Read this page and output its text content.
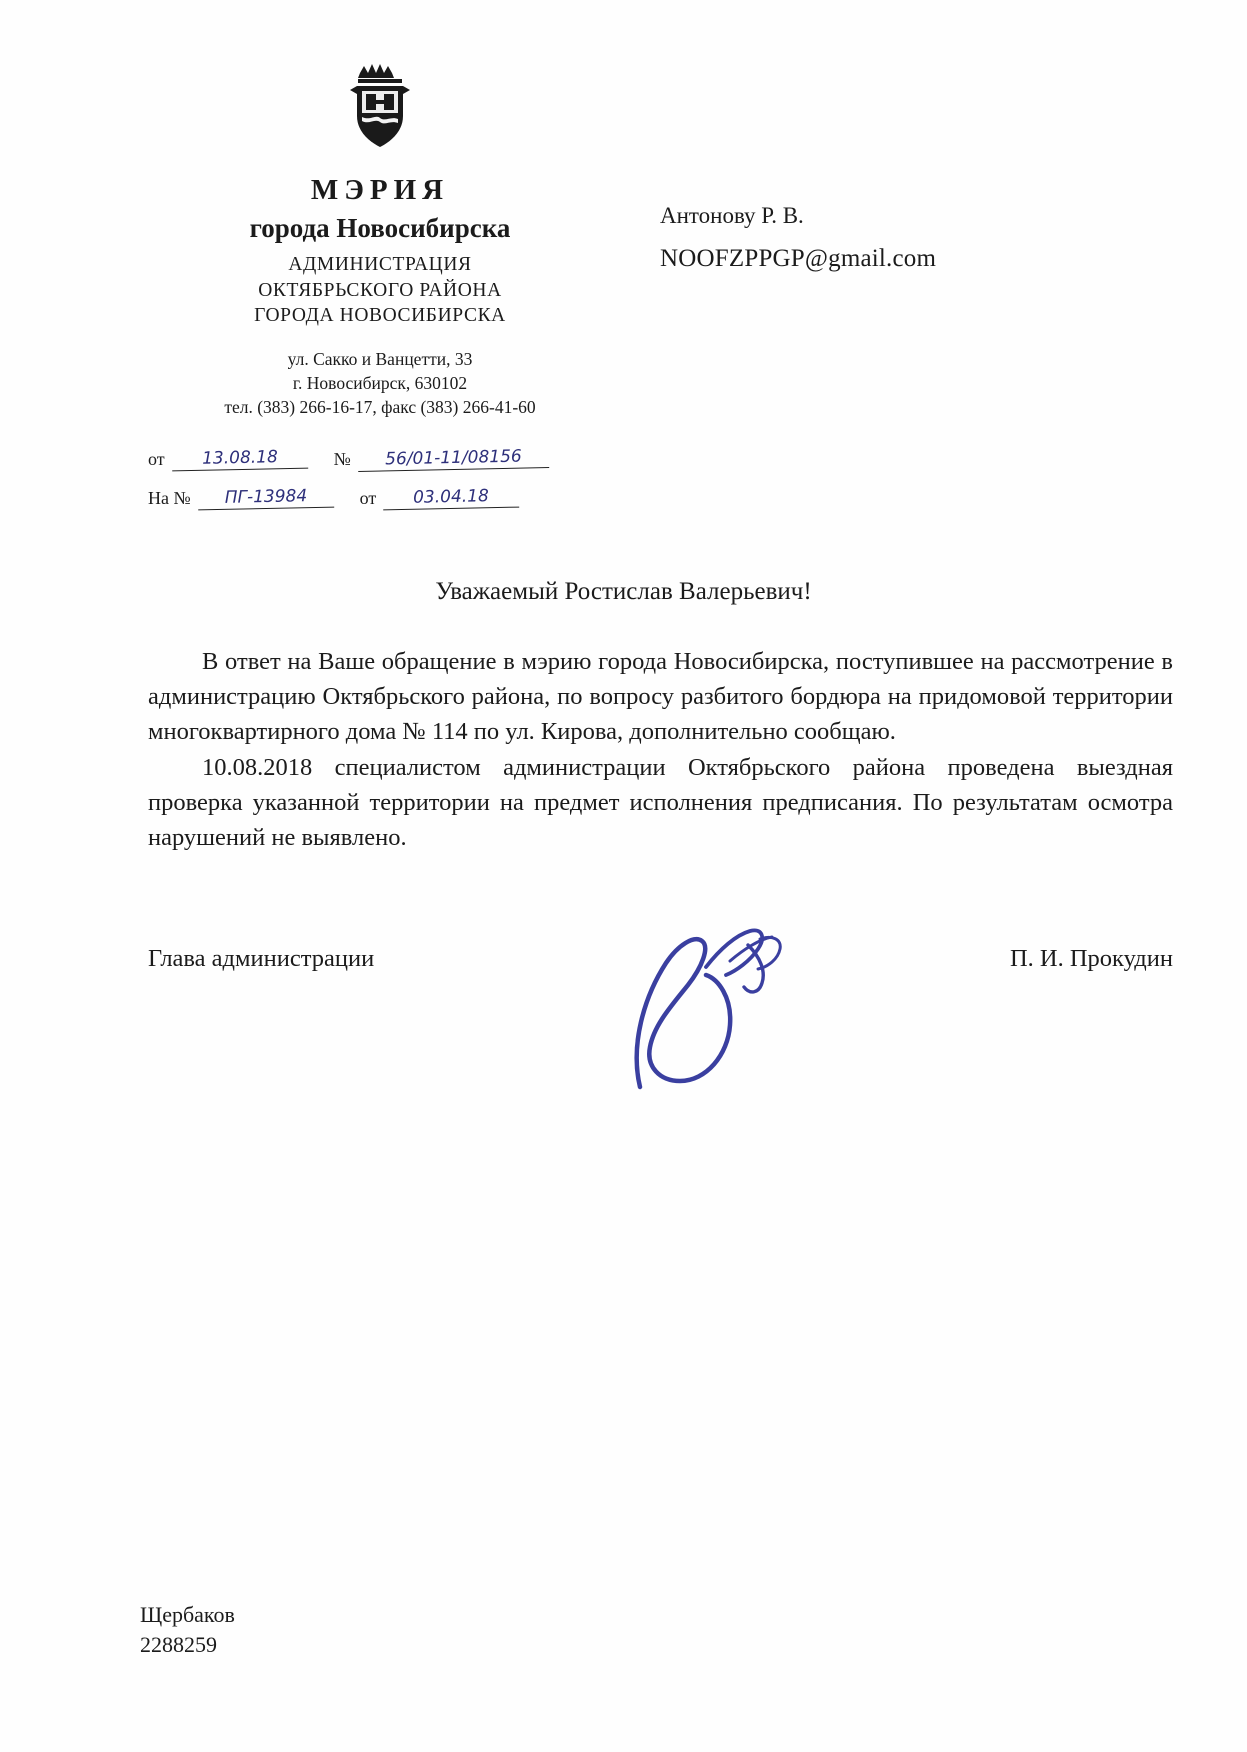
МЭРИЯ
города Новосибирска
АДМИНИСТРАЦИЯ
ОКТЯБРЬСКОГО РАЙОНА
ГОРОДА НОВОСИБИРСКА
ул. Сакко и Ванцетти, 33
г. Новосибирск, 630102
тел. (383) 266-16-17, факс (383) 266-41-60
от	13.08.18	№	56/01-11/08156
На №	ПГ-13984	от	03.04.18
Антонову Р. В.
NOOFZPPGP@gmail.com
Уважаемый Ростислав Валерьевич!

В ответ на Ваше обращение в мэрию города Новосибирска, поступившее на рассмотрение в администрацию Октябрьского района, по вопросу разбитого бордюра на придомовой территории многоквартирного дома № 114 по ул. Кирова, дополнительно сообщаю.

10.08.2018 специалистом администрации Октябрьского района проведена выездная проверка указанной территории на предмет исполнения предписания. По результатам осмотра нарушений не выявлено.

Глава администрации	П. И. Прокудин
Щербаков
2288259
